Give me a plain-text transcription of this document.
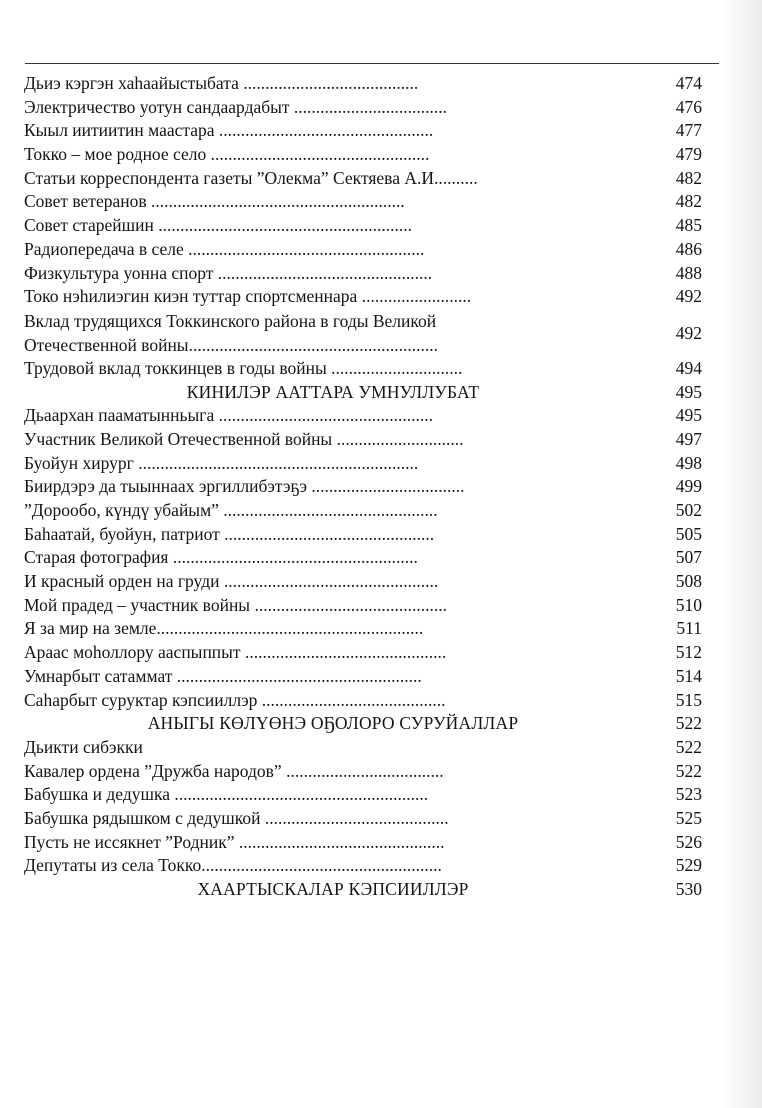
Дьиэ кэргэн хаhаайыстыбата ........................................	474
Электричество уотун сандаардабыт ...................................	476
Кыыл иитиитин маастара .................................................	477
Токко – мое родное село ..................................................	479
Статьи корреспондента газеты ”Олекма” Сектяева А.И..........	482
Совет ветеранов ..........................................................	482
Совет старейшин ..........................................................	485
Радиопередача в селе ......................................................	486
Физкультура уонна спорт .................................................	488
Токо нэhилиэгин киэн туттар спортсменнара .........................	492
Вклад трудящихся Токкинского района в годы Великой
Отечественной войны.........................................................
492
Трудовой вклад токкинцев в годы войны ..............................	494
КИНИЛЭР ААТТАРА УМНУЛЛУБАТ	495
Дьаархан пааматынньыга .................................................	495
Участник Великой Отечественной войны .............................	497
Буойун хирург ................................................................	498
Биирдэрэ да тыыннаах эргиллибэтэҕэ ...................................	499
”Дорообо, күндү убайым” .................................................	502
Баhаатай, буойун, патриот ................................................	505
Старая фотография ........................................................	507
И красный орден на груди .................................................	508
Мой прадед – участник войны ............................................	510
Я за мир на земле.............................................................	511
Араас моhоллору ааспыппыт ..............................................	512
Умнарбыт сатаммат ........................................................	514
Саhарбыт суруктар кэпсииллэр ..........................................	515
АНЫГЫ КӨЛҮӨНЭ ОҔОЛОРО СУРУЙАЛЛАР	522
Дьикти сибэкки	522
Кавалер ордена ”Дружба народов” ....................................	522
Бабушка и дедушка ..........................................................	523
Бабушка рядышком с дедушкой ..........................................	525
Пусть не иссякнет ”Родник” ...............................................	526
Депутаты из села Токко.......................................................	529
ХААРТЫСКАЛАР КЭПСИИЛЛЭР	530
